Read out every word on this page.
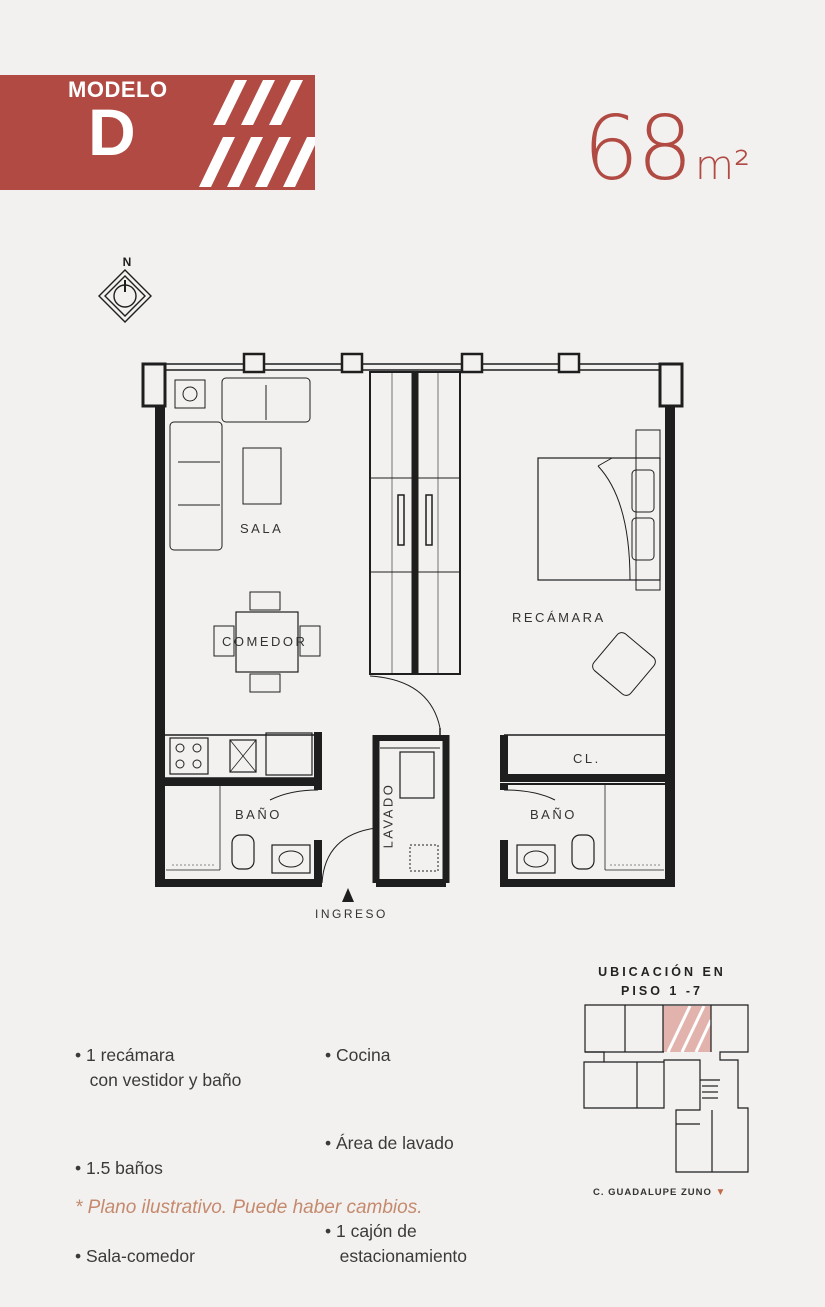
MODELO
D	68 m²
N
SALA
COMEDOR
RECÁMARA
CL.
BAÑO	BAÑO
LAVADO
INGRESO

• 1 recámara
con vestidor y baño

• 1.5 baños

• Sala-comedor

• Cocina

• Área de lavado

• 1 cajón de
estacionamiento

UBICACIÓN EN PISO 1 -7
C. GUADALUPE ZUNO ▼
* Plano ilustrativo. Puede haber cambios.
